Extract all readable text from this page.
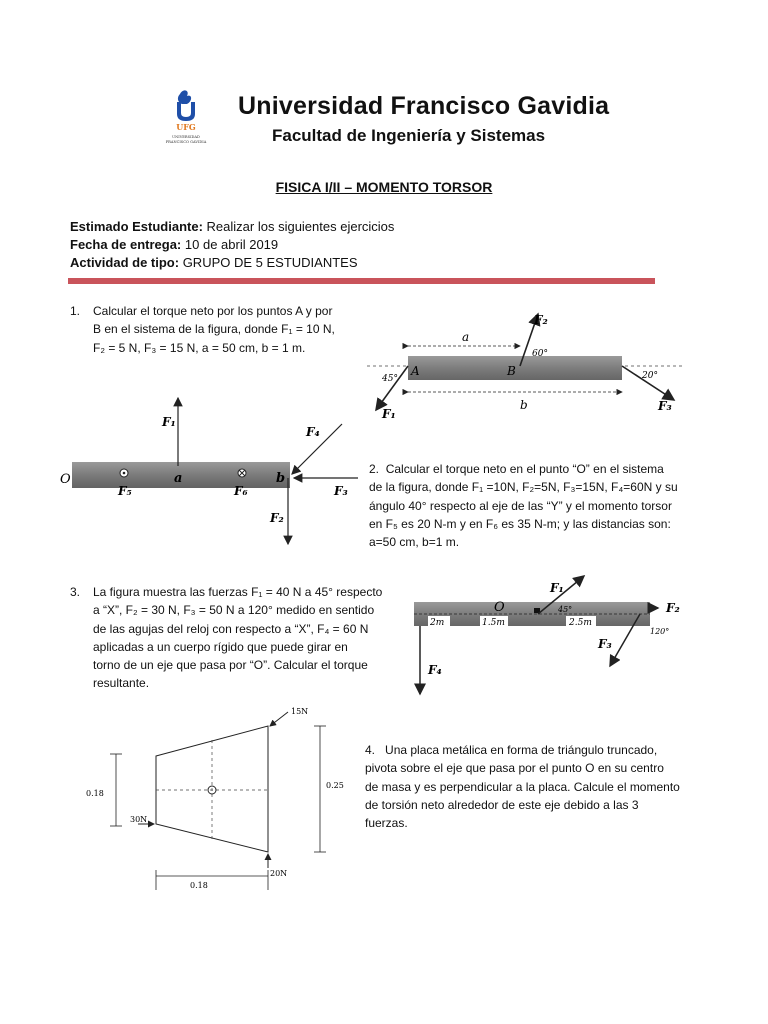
UFG
UNIVERSIDAD
FRANCISCO GAVIDIA
Universidad Francisco Gavidia
Facultad de Ingeniería y Sistemas
FISICA I/II – MOMENTO TORSOR
Estimado Estudiante: Realizar los siguientes ejercicios
Fecha de entrega: 10 de abril 2019
Actividad de tipo: GRUPO DE 5 ESTUDIANTES
1. Calcular el torque neto por los puntos A y por
B en el sistema de la figura, donde F₁ = 10 N,
F₂ = 5 N, F₃ = 15 N, a = 50 cm, b = 1 m.
a
b
A	B
F₂
60°
F₁
45°
F₃
20°
O
F₁
a	b
F₅	F₆
F₄
F₃
F₂
2. Calcular el torque neto en el punto “O” en el sistema
de la figura, donde F₁ =10N, F₂=5N, F₃=15N, F₄=60N y su
ángulo 40° respecto al eje de las “Y” y el momento torsor
en F₅ es 20 N-m y en F₆ es 35 N-m; y las distancias son:
a=50 cm, b=1 m.
3. La figura muestra las fuerzas F₁ = 40 N a 45° respecto
a “X”, F₂ = 30 N, F₃ = 50 N a 120° medido en sentido
de las agujas del reloj con respecto a “X”, F₄ = 60 N
aplicadas a un cuerpo rígido que puede girar en
torno de un eje que pasa por “O”. Calcular el torque
resultante.
O
2m	1.5m	2.5m
F₁
45°	F₂
F₃
120°
F₄
15N
30N
20N
0.18
0.25
0.18
4. Una placa metálica en forma de triángulo truncado,
pivota sobre el eje que pasa por el punto O en su centro
de masa y es perpendicular a la placa. Calcule el momento
de torsión neto alrededor de este eje debido a las 3
fuerzas.
